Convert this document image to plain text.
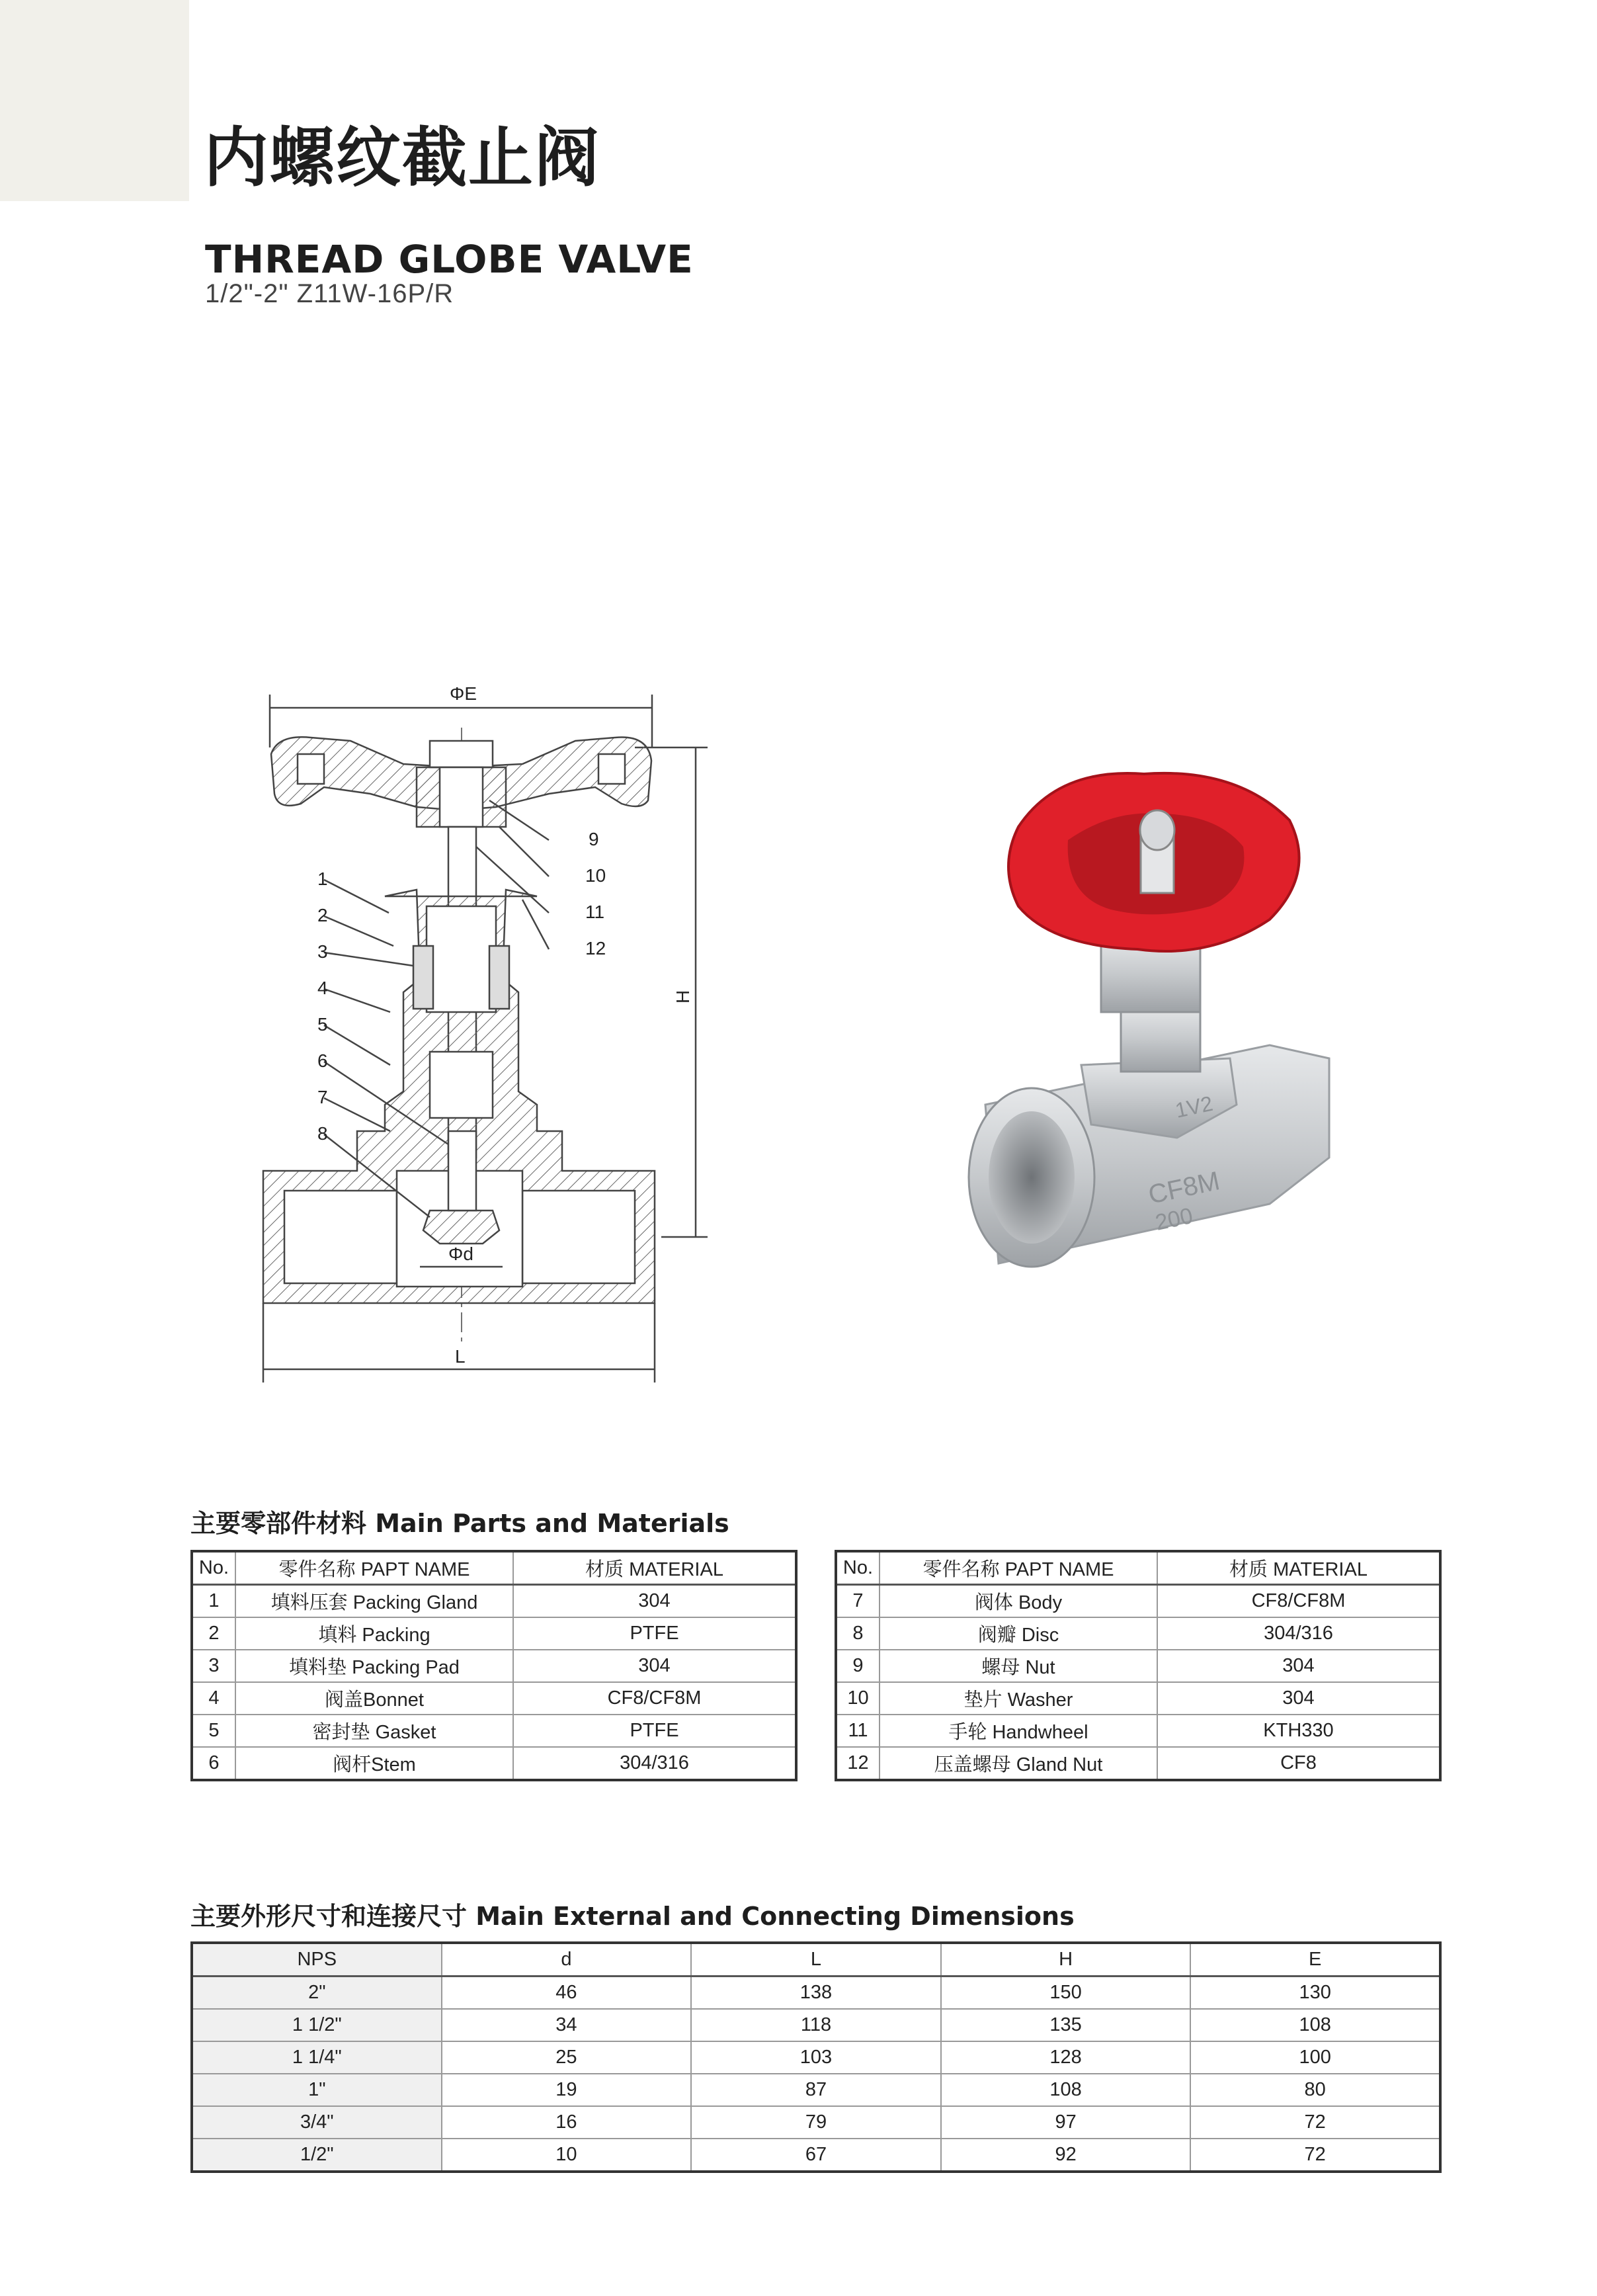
内螺纹截止阀
THREAD GLOBE VALVE
1/2"-2" Z11W-16P/R
ΦE
Φd
L
H
1
2
3
4
5
6
7
8
9
10
11
12
1V2
CF8M
200
主要零部件材料 Main Parts and Materials
No.	零件名称 PAPT NAME	材质 MATERIAL
1	填料压套 Packing Gland	304
2	填料 Packing	PTFE
3	填料垫 Packing Pad	304
4	阀盖Bonnet	CF8/CF8M
5	密封垫 Gasket	PTFE
6	阀杆Stem	304/316
No.	零件名称 PAPT NAME	材质 MATERIAL
7	阀体 Body	CF8/CF8M
8	阀瓣 Disc	304/316
9	螺母 Nut	304
10	垫片 Washer	304
11	手轮 Handwheel	KTH330
12	压盖螺母 Gland Nut	CF8
主要外形尺寸和连接尺寸 Main External and Connecting Dimensions
NPS	d	L	H	E
2"	46	138	150	130
1 1/2"	34	118	135	108
1 1/4"	25	103	128	100
1"	19	87	108	80
3/4"	16	79	97	72
1/2"	10	67	92	72
